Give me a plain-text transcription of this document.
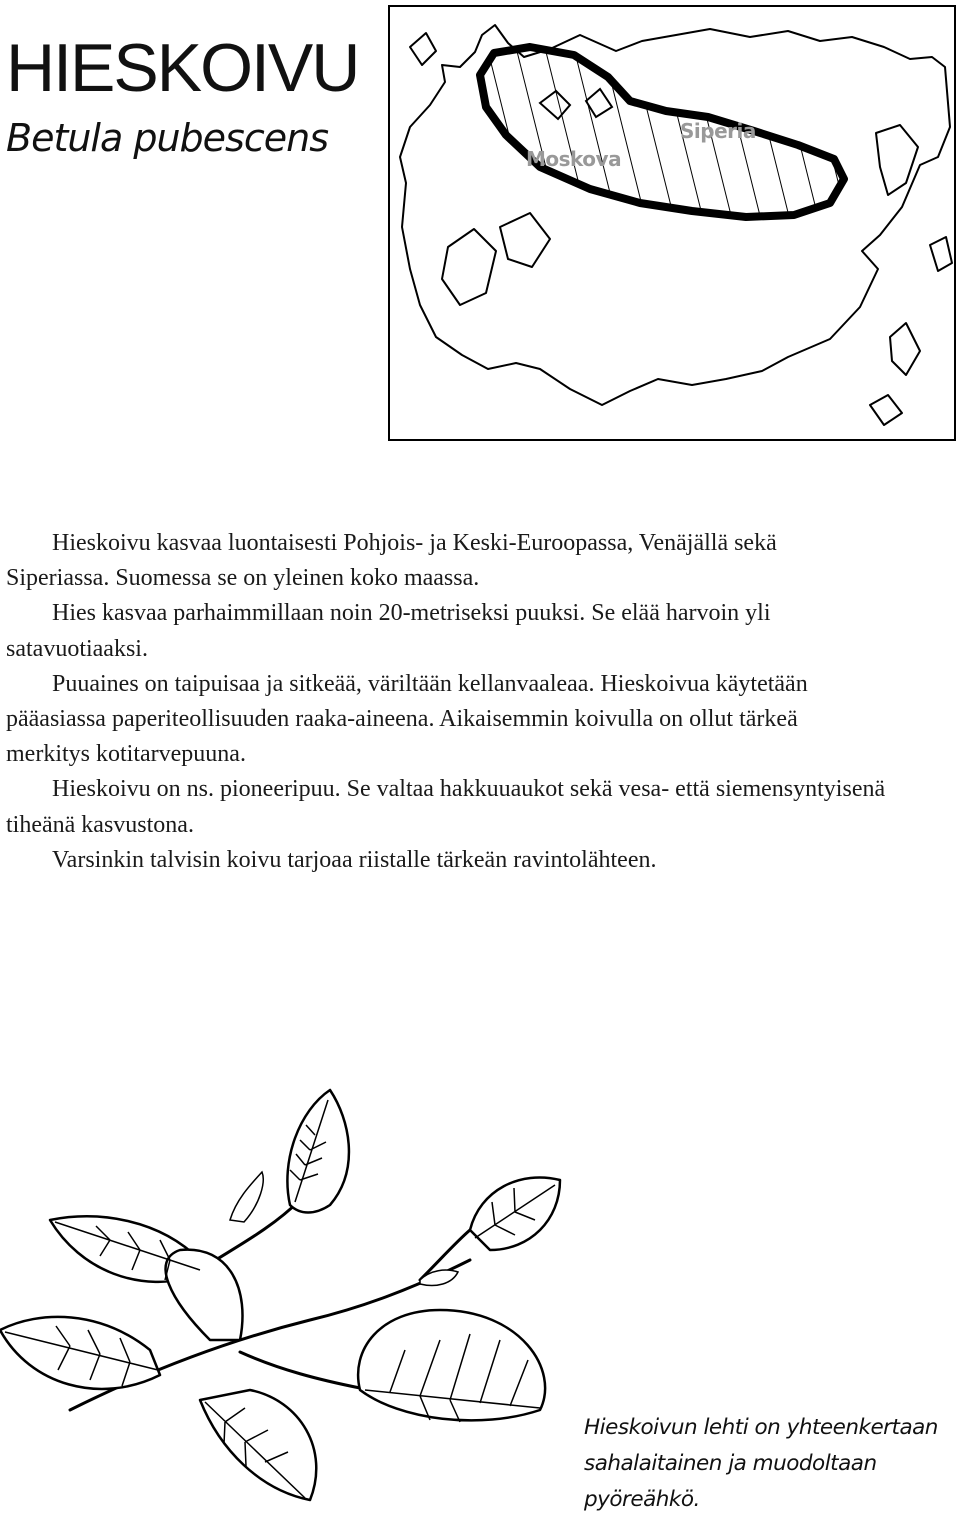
HIESKOIVU
Betula pubescens	Siperia
Moskova

Hieskoivu kasvaa luontaisesti Pohjois- ja Keski-Euroopassa, Venäjällä sekä Siperiassa. Suomessa se on yleinen koko maassa.

Hies kasvaa parhaimmillaan noin 20-metriseksi puuksi. Se elää harvoin yli satavuotiaaksi.

Puuaines on taipuisaa ja sitkeää, väriltään kellanvaaleaa. Hieskoivua käytetään pääasiassa paperiteollisuuden raaka-aineena. Aikaisemmin koivulla on ollut tärkeä merkitys kotitarvepuuna.

Hieskoivu on ns. pioneeripuu. Se valtaa hakkuuaukot sekä vesa- että siemensyntyisenä tiheänä kasvustona.

Varsinkin talvisin koivu tarjoaa riistalle tärkeän ravintolähteen.

Hieskoivun lehti on yhteenkertaan sahalaitainen ja muodoltaan pyöreähkö.
